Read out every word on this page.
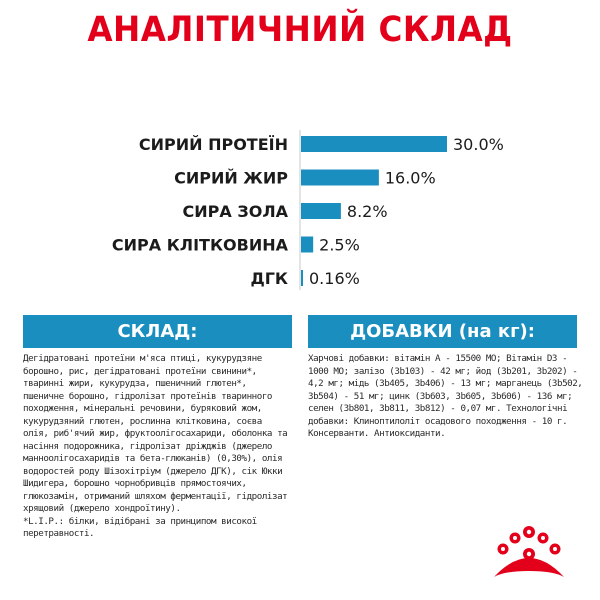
АНАЛІТИЧНИЙ СКЛАД
СИРИЙ ПРОТЕЇН	30.0%
СИРИЙ ЖИР	16.0%
СИРА ЗОЛА	8.2%
СИРА КЛІТКОВИНА 2.5%
ДГК 0.16%
СКЛАД:
Дегідратовані протеїни м'яса птиці, кукурудзяне
борошно, рис, дегідратовані протеїни свинини*,
тваринні жири, кукурудза, пшеничний глютен*,
пшеничне борошно, гідролізат протеїнів тваринного
походження, мінеральні речовини, буряковий жом,
кукурудзяний глютен, рослинна клітковина, соєва
олія, риб'ячий жир, фруктоолігосахариди, оболонка та
насіння подорожника, гідролізат дріжджів (джерело
манноолігосахаридів та бета-глюканів) (0,30%), олія
водоростей роду Шізохітріум (джерело ДГК), сік Юкки
Шидигера, борошно чорнобривців прямостоячих,
глюкозамін, отриманий шляхом ферментації, гідролізат
хрящовий (джерело хондроїтину).
*L.I.P.: білки, відібрані за принципом високої
перетравності.
ДОБАВКИ (на кг):
Харчові добавки: вітамін А - 15500 МО; Вітамін D3 -
1000 МО; залізо (3b103) - 42 мг; йод (3b201, 3b202) -
4,2 мг; мідь (3b405, 3b406) - 13 мг; марганець (3b502,
3b504) - 51 мг; цинк (3b603, 3b605, 3b606) - 136 мг;
селен (3b801, 3b811, 3b812) - 0,07 мг. Технологічні
добавки: Клиноптилоліт осадового походження - 10 г.
Консерванти. Антиоксиданти.
